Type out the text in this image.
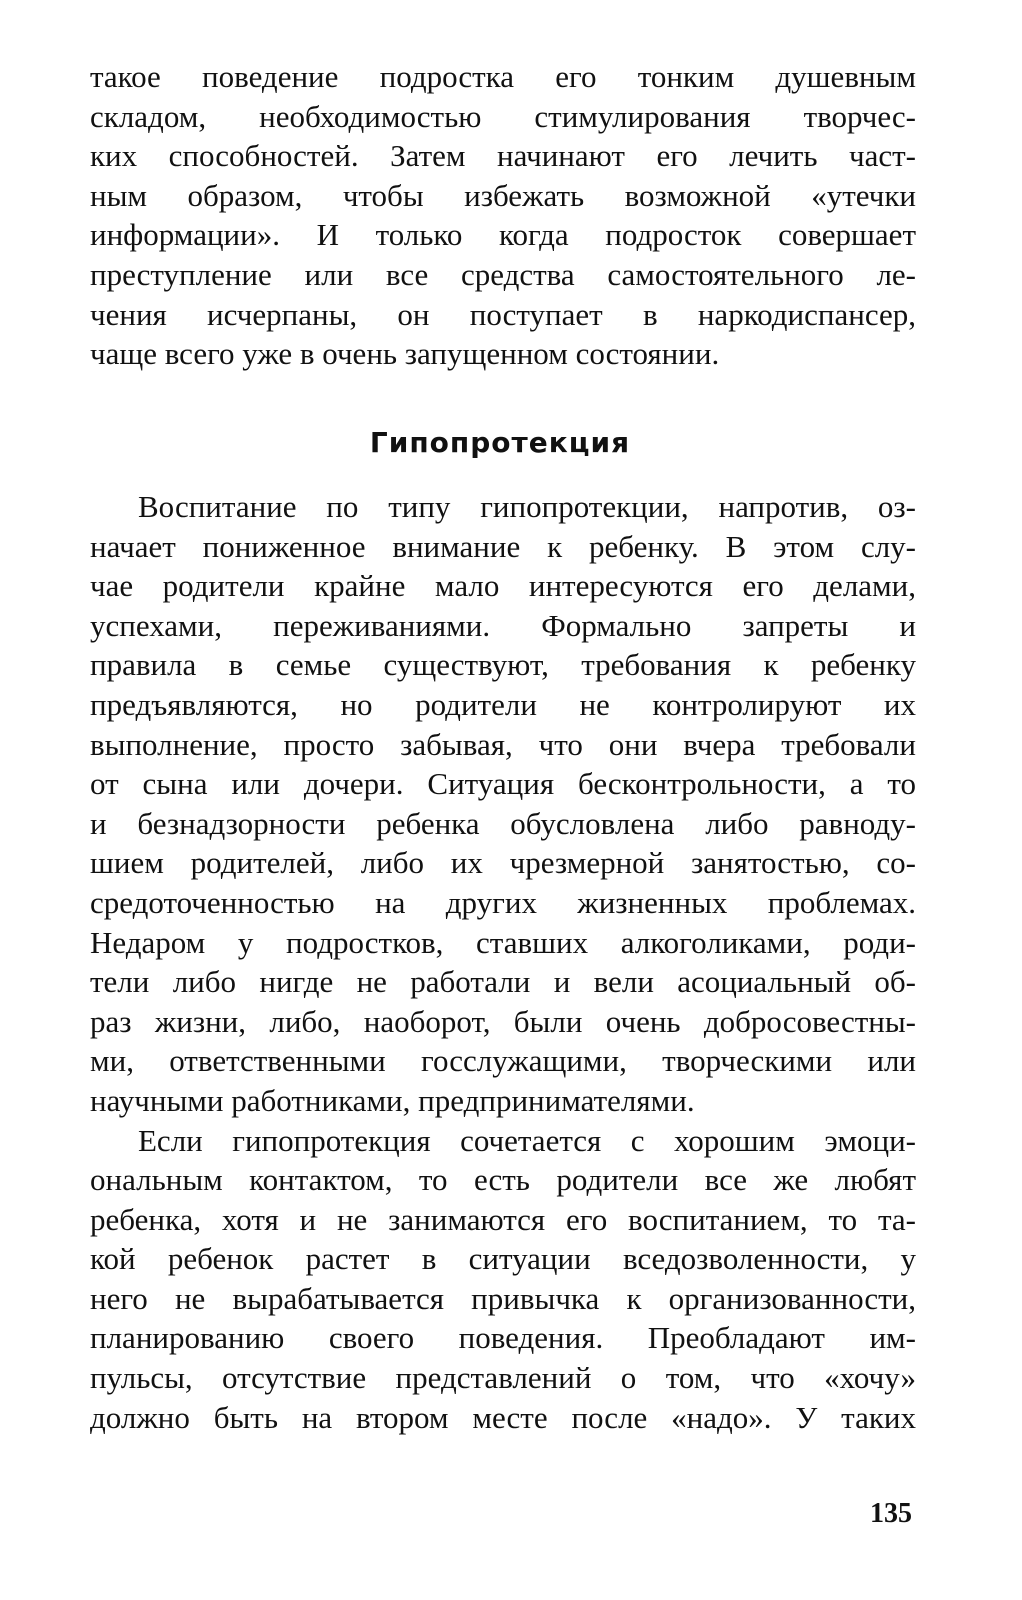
такое поведение подростка его тонким душевным
складом, необходимостью стимулирования творчес-
ких способностей. Затем начинают его лечить част-
ным образом, чтобы избежать возможной «утечки
информации». И только когда подросток совершает
преступление или все средства самостоятельного ле-
чения исчерпаны, он поступает в наркодиспансер,
чаще всего уже в очень запущенном состоянии.
Гипопротекция
Воспитание по типу гипопротекции, напротив, оз-
начает пониженное внимание к ребенку. В этом слу-
чае родители крайне мало интересуются его делами,
успехами, переживаниями. Формально запреты и
правила в семье существуют, требования к ребенку
предъявляются, но родители не контролируют их
выполнение, просто забывая, что они вчера требовали
от сына или дочери. Ситуация бесконтрольности, а то
и безнадзорности ребенка обусловлена либо равноду-
шием родителей, либо их чрезмерной занятостью, со-
средоточенностью на других жизненных проблемах.
Недаром у подростков, ставших алкоголиками, роди-
тели либо нигде не работали и вели асоциальный об-
раз жизни, либо, наоборот, были очень добросовестны-
ми, ответственными госслужащими, творческими или
научными работниками, предпринимателями.
Если гипопротекция сочетается с хорошим эмоци-
ональным контактом, то есть родители все же любят
ребенка, хотя и не занимаются его воспитанием, то та-
кой ребенок растет в ситуации вседозволенности, у
него не вырабатывается привычка к организованности,
планированию своего поведения. Преобладают им-
пульсы, отсутствие представлений о том, что «хочу»
должно быть на втором месте после «надо». У таких
135
